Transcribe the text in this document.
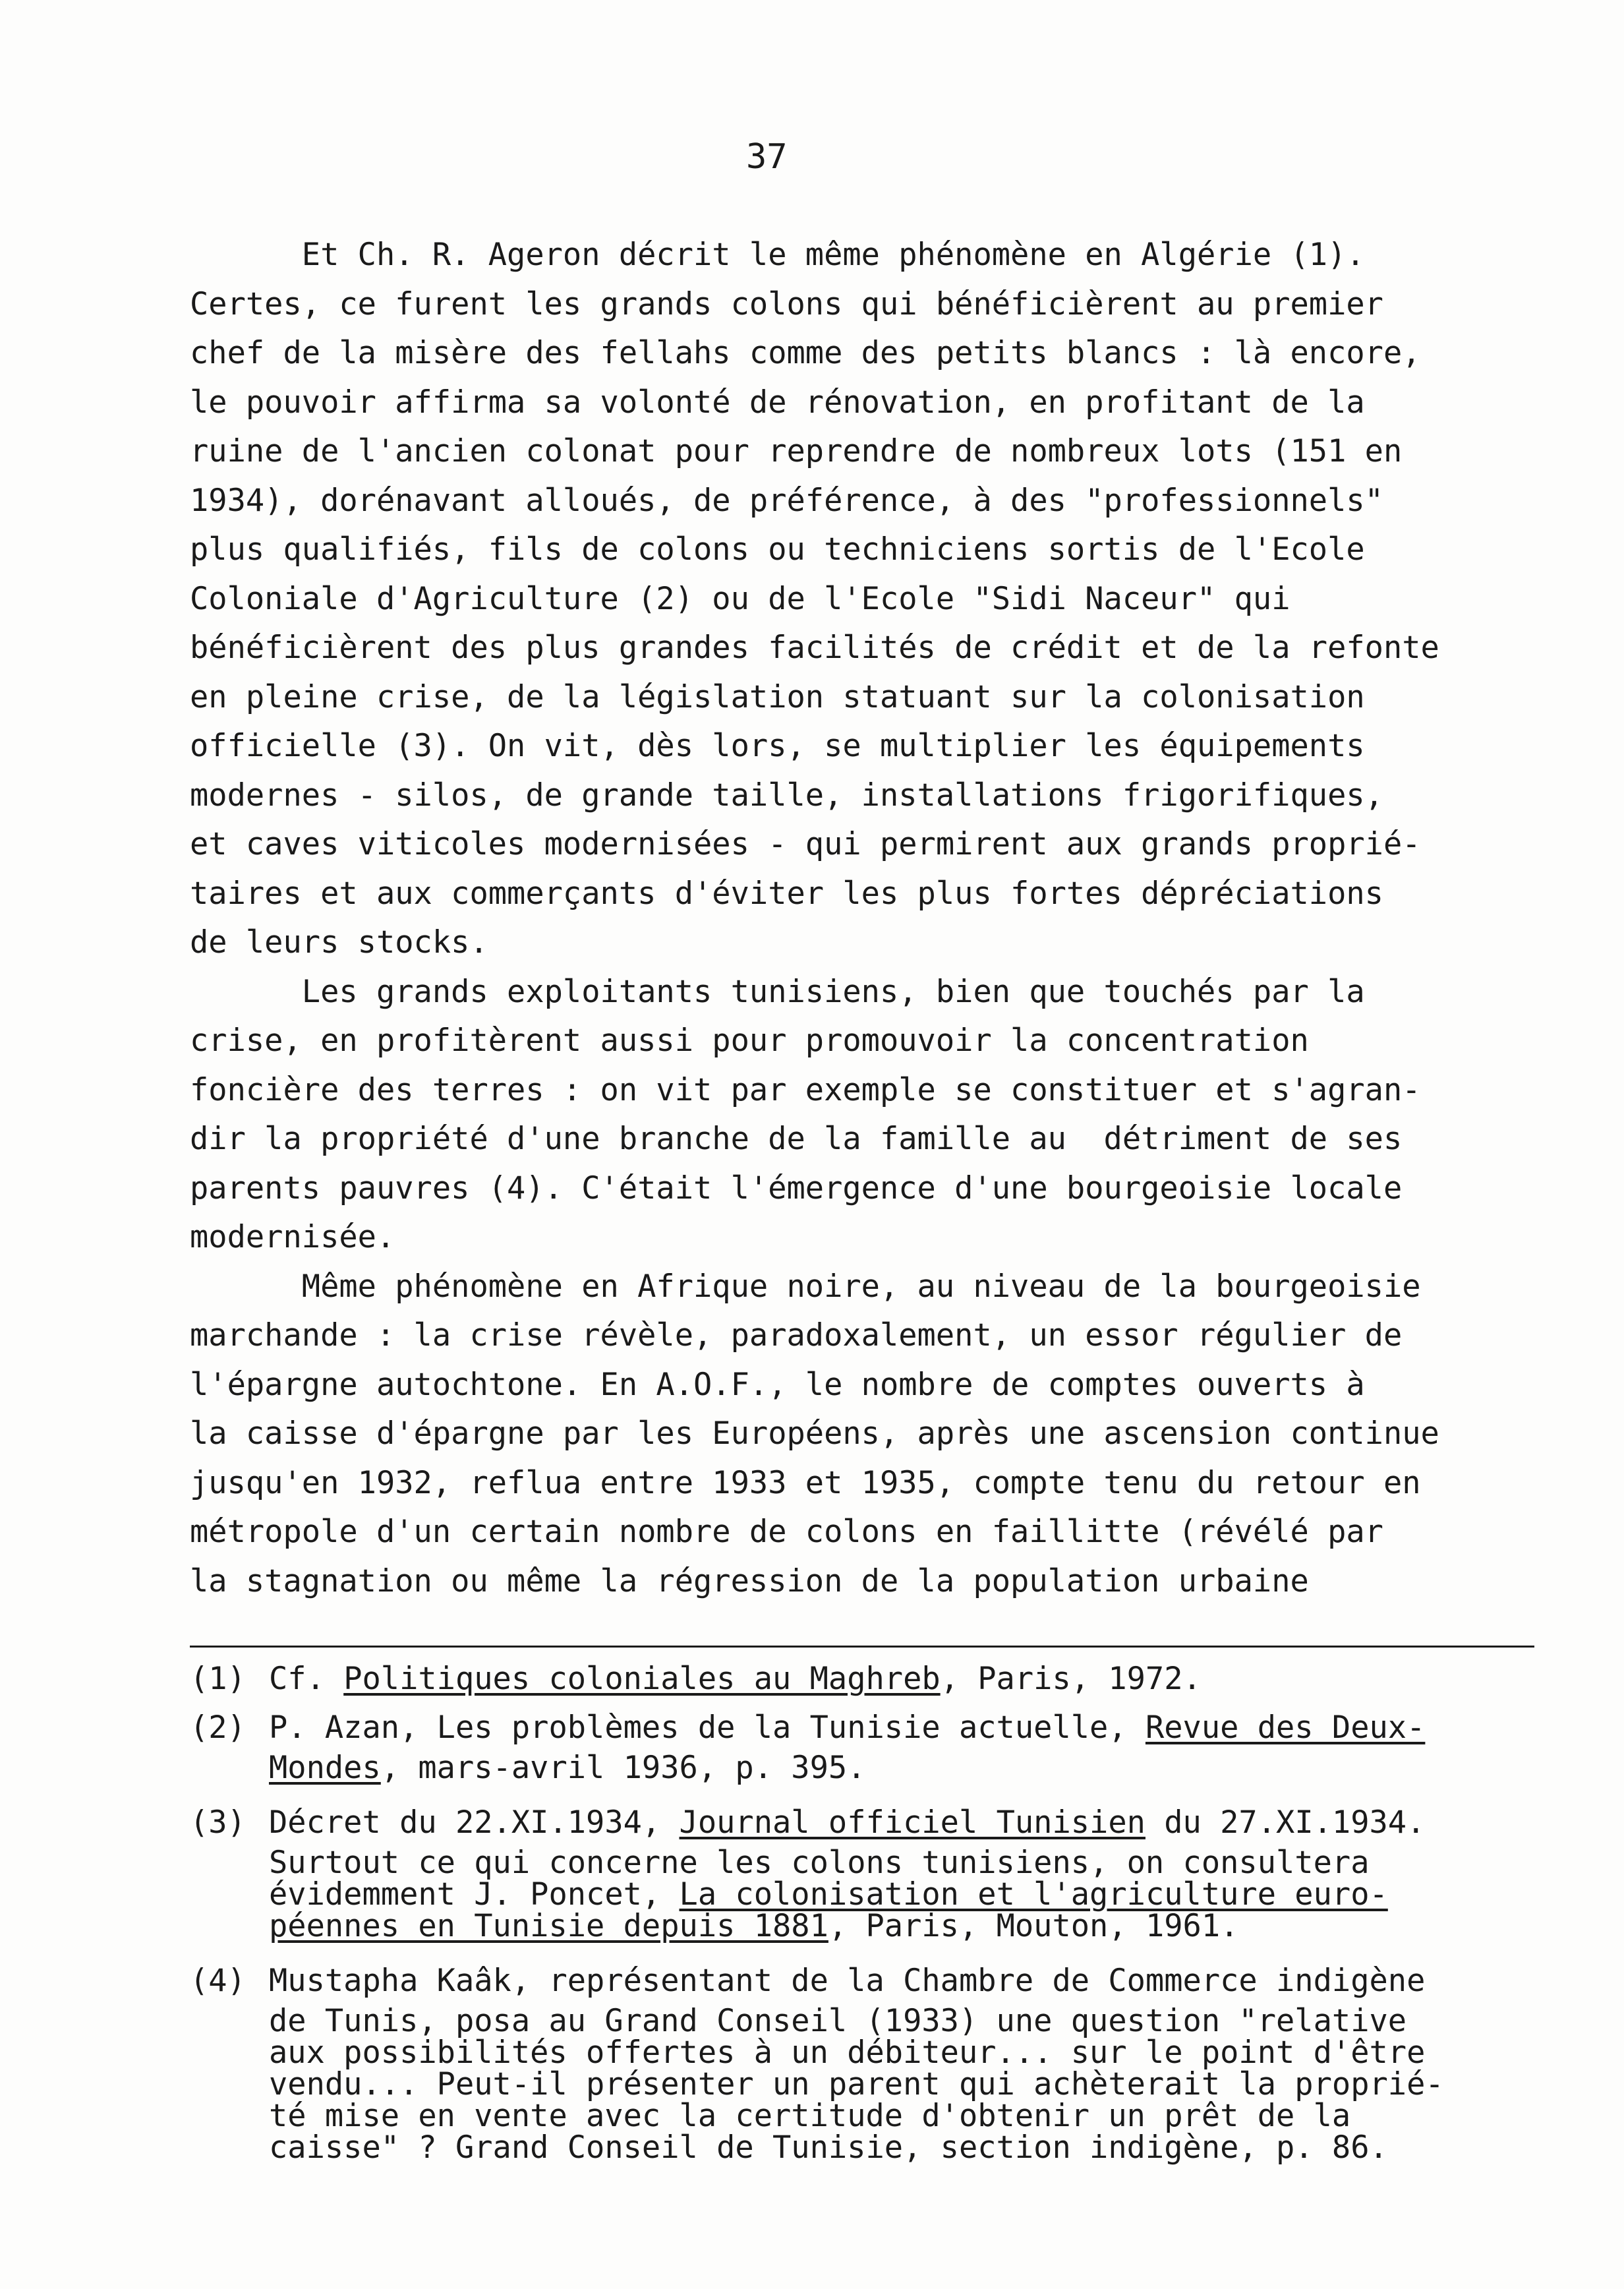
37
Et Ch. R. Ageron décrit le même phénomène en Algérie (1).
Certes, ce furent les grands colons qui bénéficièrent au premier
chef de la misère des fellahs comme des petits blancs : là encore,
le pouvoir affirma sa volonté de rénovation, en profitant de la
ruine de l'ancien colonat pour reprendre de nombreux lots (151 en
1934), dorénavant alloués, de préférence, à des "professionnels"
plus qualifiés, fils de colons ou techniciens sortis de l'Ecole
Coloniale d'Agriculture (2) ou de l'Ecole "Sidi Naceur" qui
bénéficièrent des plus grandes facilités de crédit et de la refonte
en pleine crise, de la législation statuant sur la colonisation
officielle (3). On vit, dès lors, se multiplier les équipements
modernes - silos, de grande taille, installations frigorifiques,
et caves viticoles modernisées - qui permirent aux grands proprié-
taires et aux commerçants d'éviter les plus fortes dépréciations
de leurs stocks.
Les grands exploitants tunisiens, bien que touchés par la
crise, en profitèrent aussi pour promouvoir la concentration
foncière des terres : on vit par exemple se constituer et s'agran-
dir la propriété d'une branche de la famille au  détriment de ses
parents pauvres (4). C'était l'émergence d'une bourgeoisie locale
modernisée.
Même phénomène en Afrique noire, au niveau de la bourgeoisie
marchande : la crise révèle, paradoxalement, un essor régulier de
l'épargne autochtone. En A.O.F., le nombre de comptes ouverts à
la caisse d'épargne par les Européens, après une ascension continue
jusqu'en 1932, reflua entre 1933 et 1935, compte tenu du retour en
métropole d'un certain nombre de colons en faillitte (révélé par
la stagnation ou même la régression de la population urbaine
(1) Cf. Politiques coloniales au Maghreb, Paris, 1972.
(2) P. Azan, Les problèmes de la Tunisie actuelle, Revue des Deux-
Mondes, mars-avril 1936, p. 395.
(3) Décret du 22.XI.1934, Journal officiel Tunisien du 27.XI.1934.
Surtout ce qui concerne les colons tunisiens, on consultera
évidemment J. Poncet, La colonisation et l'agriculture euro-
péennes en Tunisie depuis 1881, Paris, Mouton, 1961.
(4) Mustapha Kaâk, représentant de la Chambre de Commerce indigène
de Tunis, posa au Grand Conseil (1933) une question "relative
aux possibilités offertes à un débiteur... sur le point d'être
vendu... Peut-il présenter un parent qui achèterait la proprié-
té mise en vente avec la certitude d'obtenir un prêt de la
caisse" ? Grand Conseil de Tunisie, section indigène, p. 86.
